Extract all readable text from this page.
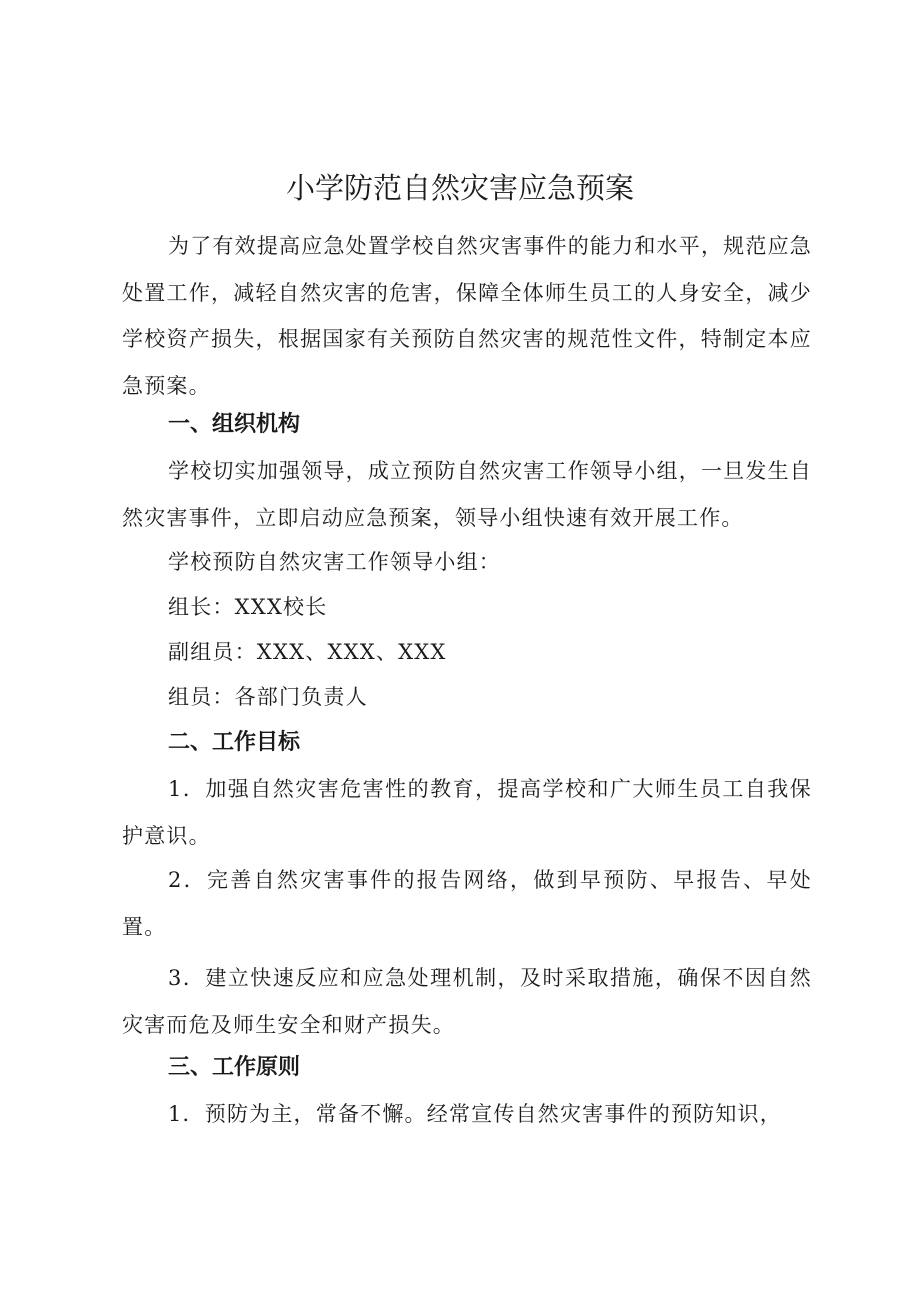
小学防范自然灾害应急预案

为了有效提高应急处置学校自然灾害事件的能力和水平，规范应急处置工作，减轻自然灾害的危害，保障全体师生员工的人身安全，减少学校资产损失，根据国家有关预防自然灾害的规范性文件，特制定本应急预案。

一、组织机构

学校切实加强领导，成立预防自然灾害工作领导小组，一旦发生自然灾害事件，立即启动应急预案，领导小组快速有效开展工作。

学校预防自然灾害工作领导小组：

组长：XXX校长

副组员：XXX、XXX、XXX

组员：各部门负责人

二、工作目标

1．加强自然灾害危害性的教育，提高学校和广大师生员工自我保护意识。

2．完善自然灾害事件的报告网络，做到早预防、早报告、早处置。

3．建立快速反应和应急处理机制，及时采取措施，确保不因自然灾害而危及师生安全和财产损失。

三、工作原则

1．预防为主，常备不懈。经常宣传自然灾害事件的预防知识，
